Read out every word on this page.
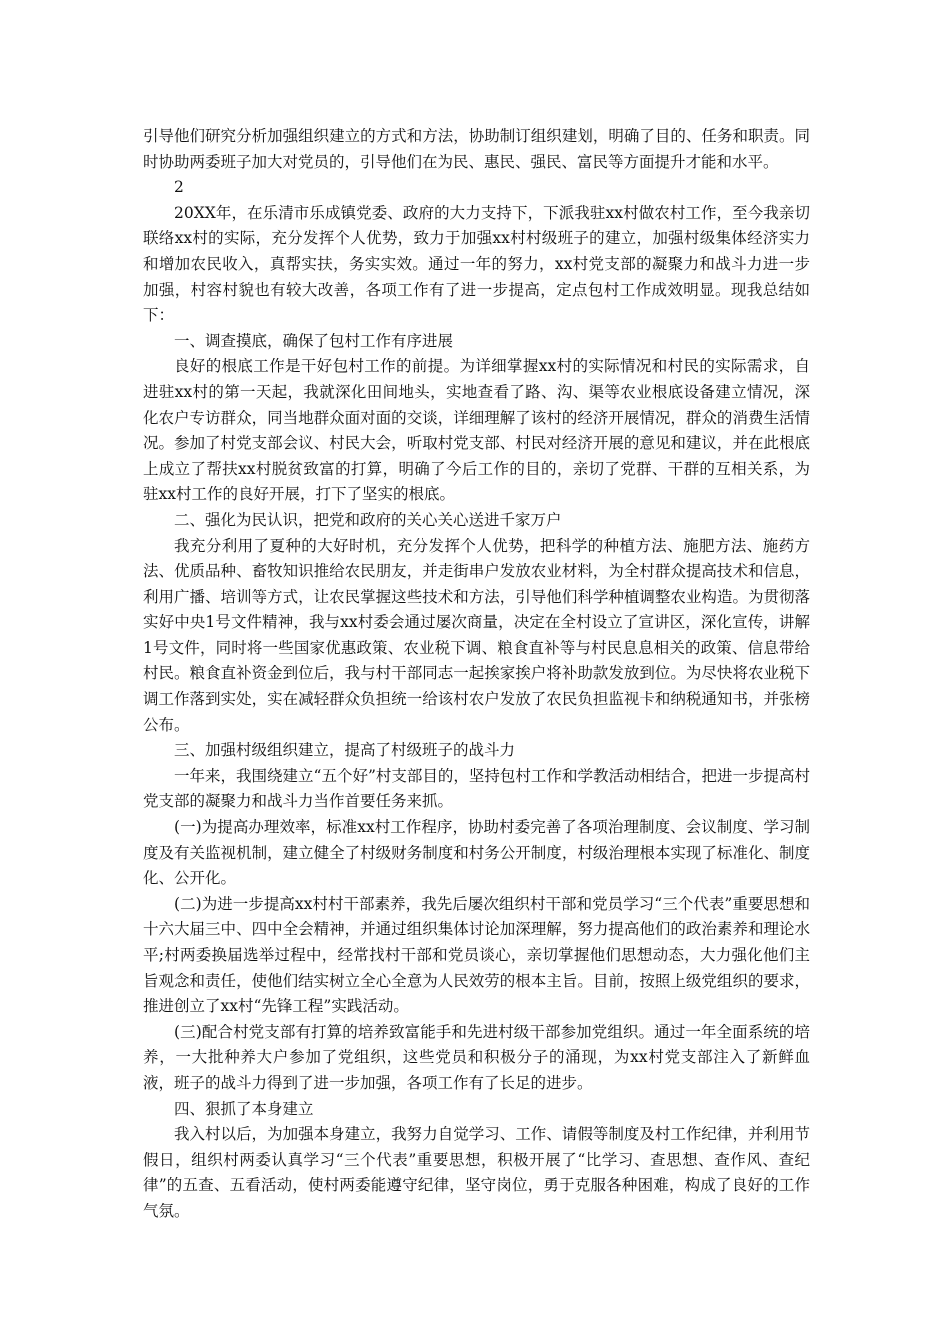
引导他们研究分析加强组织建立的方式和方法，协助制订组织建划，明确了目的、任务和职责。同时协助两委班子加大对党员的，引导他们在为民、惠民、强民、富民等方面提升才能和水平。

2

20XX年，在乐清市乐成镇党委、政府的大力支持下，下派我驻xx村做农村工作，至今我亲切联络xx村的实际，充分发挥个人优势，致力于加强xx村村级班子的建立，加强村级集体经济实力和增加农民收入，真帮实扶，务实实效。通过一年的努力，xx村党支部的凝聚力和战斗力进一步加强，村容村貌也有较大改善，各项工作有了进一步提高，定点包村工作成效明显。现我总结如下：

一、调查摸底，确保了包村工作有序进展

良好的根底工作是干好包村工作的前提。为详细掌握xx村的实际情况和村民的实际需求，自进驻xx村的第一天起，我就深化田间地头，实地查看了路、沟、渠等农业根底设备建立情况，深化农户专访群众，同当地群众面对面的交谈，详细理解了该村的经济开展情况，群众的消费生活情况。参加了村党支部会议、村民大会，听取村党支部、村民对经济开展的意见和建议，并在此根底上成立了帮扶xx村脱贫致富的打算，明确了今后工作的目的，亲切了党群、干群的互相关系，为驻xx村工作的良好开展，打下了坚实的根底。

二、强化为民认识，把党和政府的关心关心送进千家万户

我充分利用了夏种的大好时机，充分发挥个人优势，把科学的种植方法、施肥方法、施药方法、优质品种、畜牧知识推给农民朋友，并走街串户发放农业材料，为全村群众提高技术和信息，利用广播、培训等方式，让农民掌握这些技术和方法，引导他们科学种植调整农业构造。为贯彻落实好中央1号文件精神，我与xx村委会通过屡次商量，决定在全村设立了宣讲区，深化宣传，讲解1号文件，同时将一些国家优惠政策、农业税下调、粮食直补等与村民息息相关的政策、信息带给村民。粮食直补资金到位后，我与村干部同志一起挨家挨户将补助款发放到位。为尽快将农业税下调工作落到实处，实在减轻群众负担统一给该村农户发放了农民负担监视卡和纳税通知书，并张榜公布。

三、加强村级组织建立，提高了村级班子的战斗力

一年来，我围绕建立“五个好”村支部目的，坚持包村工作和学教活动相结合，把进一步提高村党支部的凝聚力和战斗力当作首要任务来抓。

(一)为提高办理效率，标准xx村工作程序，协助村委完善了各项治理制度、会议制度、学习制度及有关监视机制，建立健全了村级财务制度和村务公开制度，村级治理根本实现了标准化、制度化、公开化。

(二)为进一步提高xx村村干部素养，我先后屡次组织村干部和党员学习“三个代表”重要思想和十六大届三中、四中全会精神，并通过组织集体讨论加深理解，努力提高他们的政治素养和理论水平;村两委换届选举过程中，经常找村干部和党员谈心，亲切掌握他们思想动态，大力强化他们主旨观念和责任，使他们结实树立全心全意为人民效劳的根本主旨。目前，按照上级党组织的要求，推进创立了xx村“先锋工程”实践活动。

(三)配合村党支部有打算的培养致富能手和先进村级干部参加党组织。通过一年全面系统的培养，一大批种养大户参加了党组织，这些党员和积极分子的涌现，为xx村党支部注入了新鲜血液，班子的战斗力得到了进一步加强，各项工作有了长足的进步。

四、狠抓了本身建立

我入村以后，为加强本身建立，我努力自觉学习、工作、请假等制度及村工作纪律，并利用节假日，组织村两委认真学习“三个代表”重要思想，积极开展了“比学习、查思想、查作风、查纪律”的五查、五看活动，使村两委能遵守纪律，坚守岗位，勇于克服各种困难，构成了良好的工作气氛。
